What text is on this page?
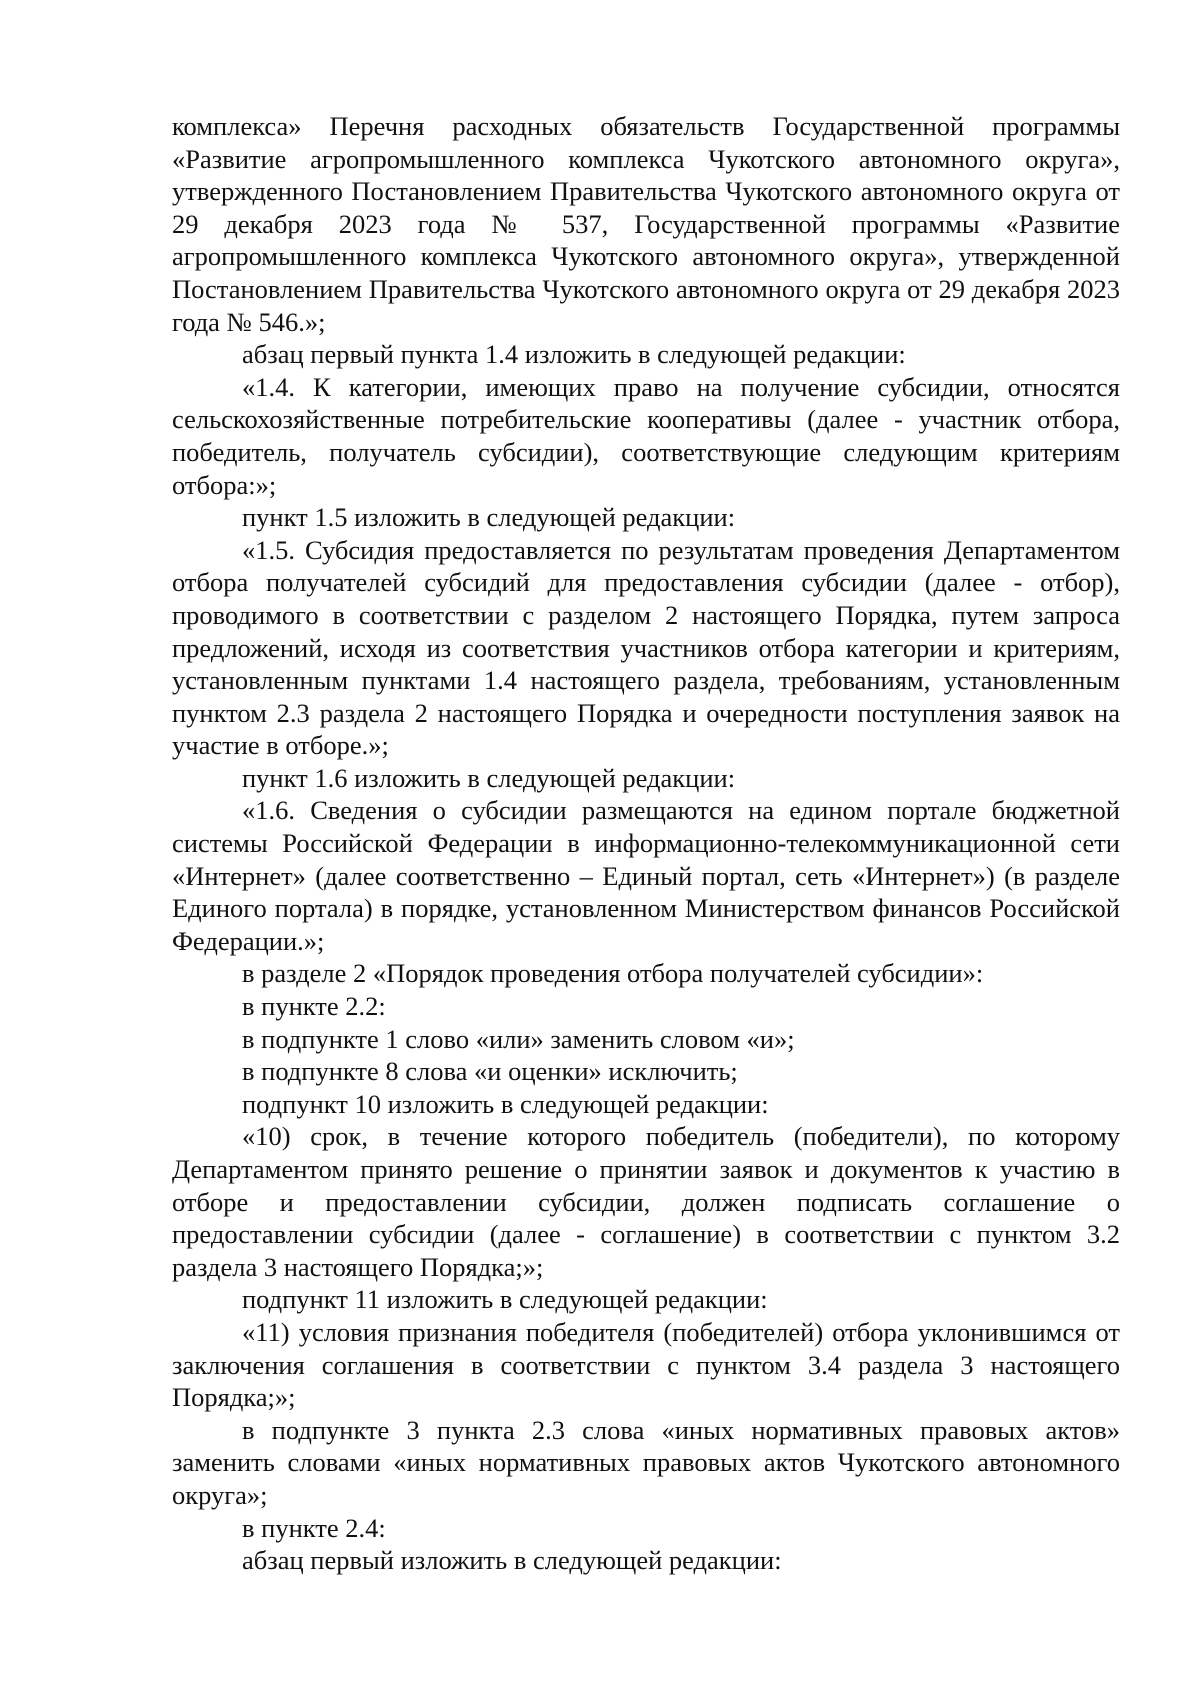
комплекса» Перечня расходных обязательств Государственной программы «Развитие агропромышленного комплекса Чукотского автономного округа», утвержденного Постановлением Правительства Чукотского автономного округа от 29 декабря 2023 года № 537, Государственной программы «Развитие агропромышленного комплекса Чукотского автономного округа», утвержденной Постановлением Правительства Чукотского автономного округа от 29 декабря 2023 года № 546.»;

абзац первый пункта 1.4 изложить в следующей редакции:

«1.4. К категории, имеющих право на получение субсидии, относятся сельскохозяйственные потребительские кооперативы (далее - участник отбора, победитель, получатель субсидии), соответствующие следующим критериям отбора:»;

пункт 1.5 изложить в следующей редакции:

«1.5. Субсидия предоставляется по результатам проведения Департаментом отбора получателей субсидий для предоставления субсидии (далее - отбор), проводимого в соответствии с разделом 2 настоящего Порядка, путем запроса предложений, исходя из соответствия участников отбора категории и критериям, установленным пунктами 1.4 настоящего раздела, требованиям, установленным пунктом 2.3 раздела 2 настоящего Порядка и очередности поступления заявок на участие в отборе.»;

пункт 1.6 изложить в следующей редакции:

«1.6. Сведения о субсидии размещаются на едином портале бюджетной системы Российской Федерации в информационно-телекоммуникационной сети «Интернет» (далее соответственно – Единый портал, сеть «Интернет») (в разделе Единого портала) в порядке, установленном Министерством финансов Российской Федерации.»;

в разделе 2 «Порядок проведения отбора получателей субсидии»:

в пункте 2.2:

в подпункте 1 слово «или» заменить словом «и»;

в подпункте 8 слова «и оценки» исключить;

подпункт 10 изложить в следующей редакции:

«10) срок, в течение которого победитель (победители), по которому Департаментом принято решение о принятии заявок и документов к участию в отборе и предоставлении субсидии, должен подписать соглашение о предоставлении субсидии (далее - соглашение) в соответствии с пунктом 3.2 раздела 3 настоящего Порядка;»;

подпункт 11 изложить в следующей редакции:

«11) условия признания победителя (победителей) отбора уклонившимся от заключения соглашения в соответствии с пунктом 3.4 раздела 3 настоящего Порядка;»;

в подпункте 3 пункта 2.3 слова «иных нормативных правовых актов» заменить словами «иных нормативных правовых актов Чукотского автономного округа»;

в пункте 2.4:

абзац первый изложить в следующей редакции:
